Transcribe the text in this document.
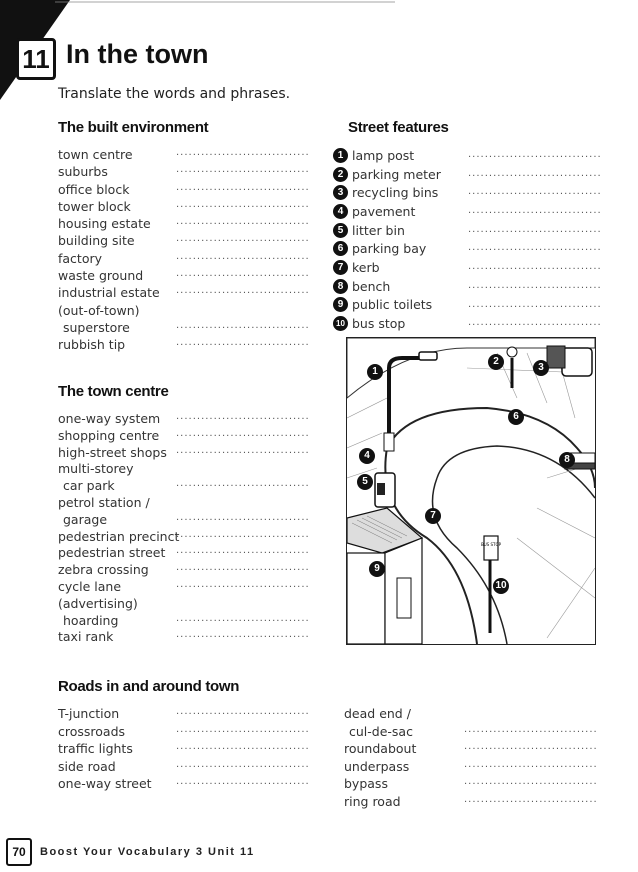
11 In the town
Translate the words and phrases.
The built environment
town centre	................................
suburbs	................................
office block	................................
tower block	................................
housing estate	................................
building site	................................
factory	................................
waste ground	................................
industrial estate ................................
(out-of-town)
superstore	................................
rubbish tip	................................
Street features
1 lamp post	................................
2 parking meter	................................
3 recycling bins	................................
4 pavement	................................
5 litter bin	................................
6 parking bay	................................
7 kerb	................................
8 bench	................................
9 public toilets	................................
10 bus stop	................................
The town centre
one-way system ................................
shopping centre ................................
high-street shops ................................
multi-storey
car park	................................
petrol station /
garage	................................
pedestrian precinct
................................
pedestrian street ................................
zebra crossing	................................
cycle lane	................................
(advertising)
hoarding	................................
taxi rank	................................
Roads in and around town
T-junction	................................
crossroads	................................
traffic lights	................................
side road	................................
one-way street ................................
dead end /
cul-de-sac	................................
roundabout	................................
underpass	................................
bypass	................................
ring road	................................
BUS STOP
1
2
3
4
5
6
7
8
9
10
70	Boost Your Vocabulary 3 Unit 11
